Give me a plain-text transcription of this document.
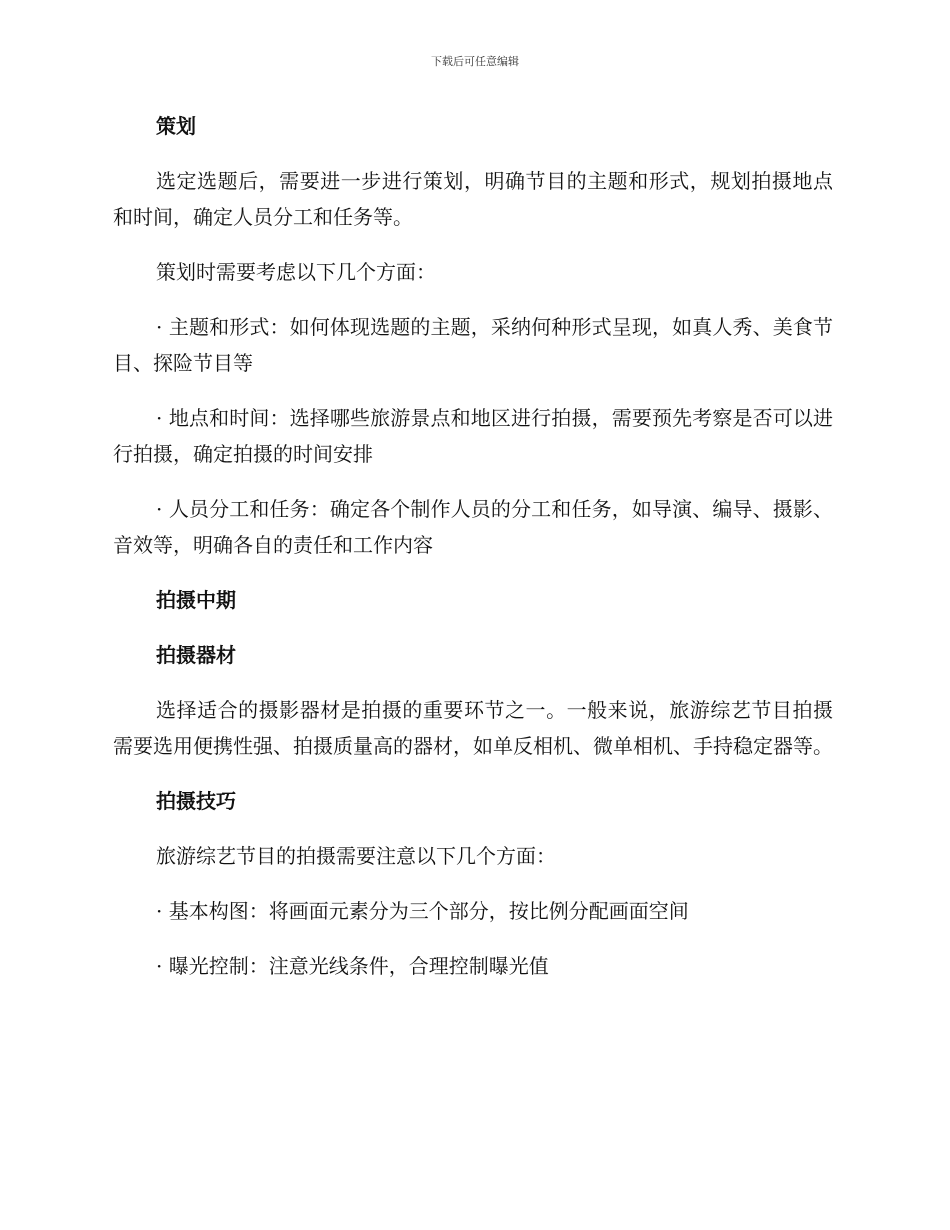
下载后可任意编辑
策划

选定选题后，需要进一步进行策划，明确节目的主题和形式，规划拍摄地点和时间，确定人员分工和任务等。

策划时需要考虑以下几个方面：

· 主题和形式：如何体现选题的主题，采纳何种形式呈现，如真人秀、美食节目、探险节目等

· 地点和时间：选择哪些旅游景点和地区进行拍摄，需要预先考察是否可以进行拍摄，确定拍摄的时间安排

· 人员分工和任务：确定各个制作人员的分工和任务，如导演、编导、摄影、音效等，明确各自的责任和工作内容

拍摄中期
拍摄器材

选择适合的摄影器材是拍摄的重要环节之一。一般来说，旅游综艺节目拍摄需要选用便携性强、拍摄质量高的器材，如单反相机、微单相机、手持稳定器等。

拍摄技巧

旅游综艺节目的拍摄需要注意以下几个方面：

· 基本构图：将画面元素分为三个部分，按比例分配画面空间

· 曝光控制：注意光线条件，合理控制曝光值
